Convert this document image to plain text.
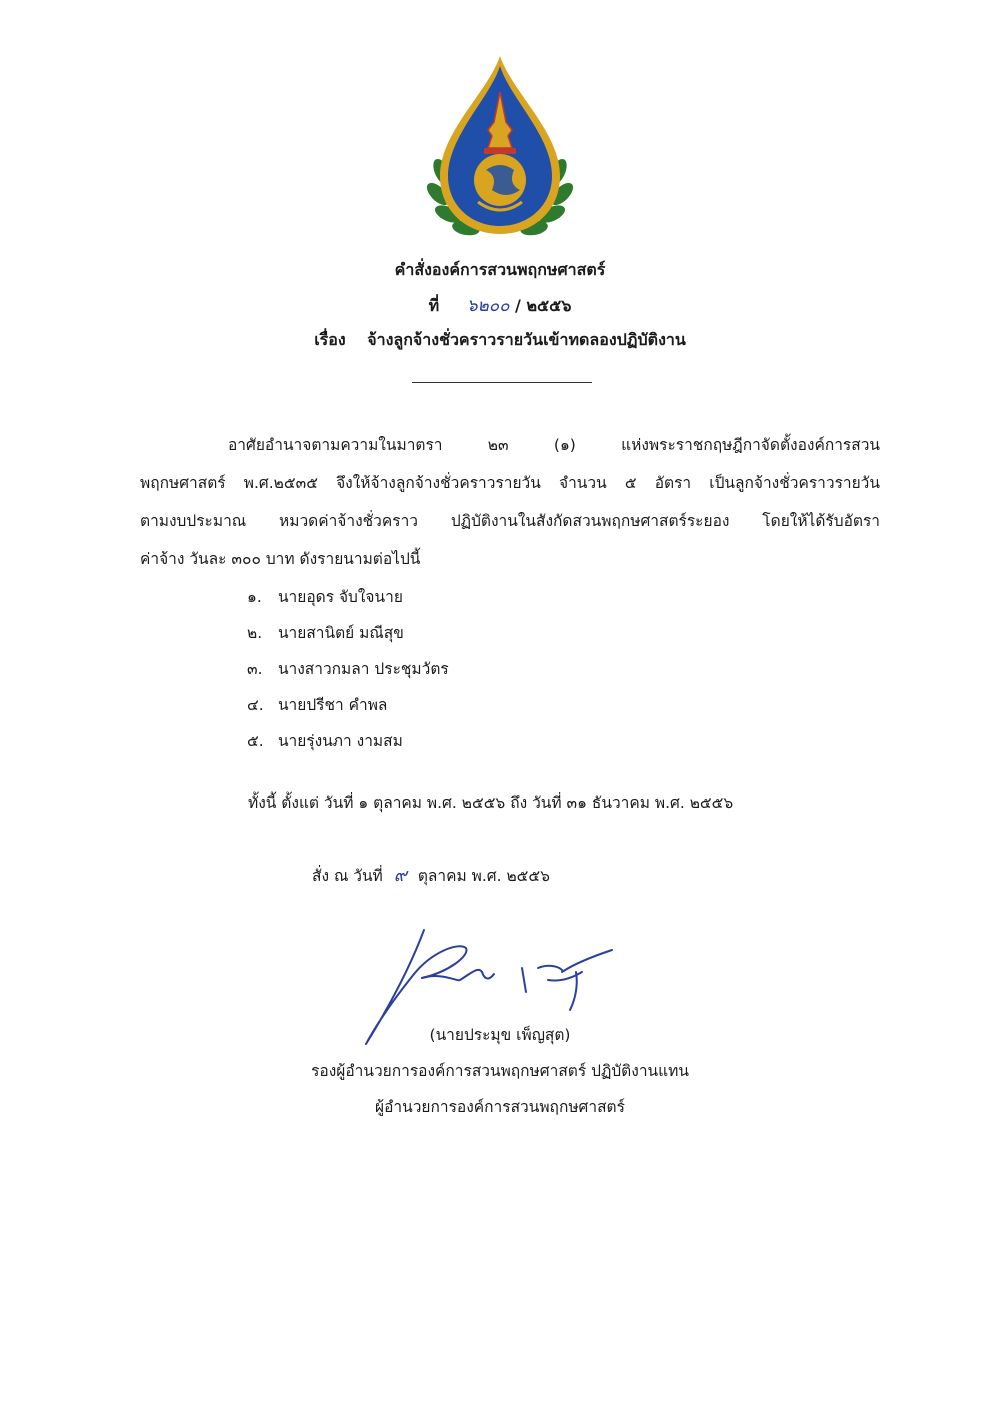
คำสั่งองค์การสวนพฤกษศาสตร์
ที่ ๖๒๐๐ / ๒๕๕๖
เรื่อง จ้างลูกจ้างชั่วคราวรายวันเข้าทดลองปฏิบัติงาน
อาศัยอำนาจตามความในมาตรา ๒๓ (๑) แห่งพระราชกฤษฎีกาจัดตั้งองค์การสวน
พฤกษศาสตร์ พ.ศ.๒๕๓๕ จึงให้จ้างลูกจ้างชั่วคราวรายวัน จำนวน ๕ อัตรา เป็นลูกจ้างชั่วคราวรายวัน
ตามงบประมาณ หมวดค่าจ้างชั่วคราว ปฏิบัติงานในสังกัดสวนพฤกษศาสตร์ระยอง โดยให้ได้รับอัตรา
ค่าจ้าง วันละ ๓๐๐ บาท ดังรายนามต่อไปนี้
๑. นายอุดร จับใจนาย
๒. นายสานิตย์ มณีสุข
๓. นางสาวกมลา ประชุมวัตร
๔. นายปรีชา คำพล
๕. นายรุ่งนภา งามสม
ทั้งนี้ ตั้งแต่ วันที่ ๑ ตุลาคม พ.ศ. ๒๕๕๖ ถึง วันที่ ๓๑ ธันวาคม พ.ศ. ๒๕๕๖
สั่ง ณ วันที่ ๙ ตุลาคม พ.ศ. ๒๕๕๖
(นายประมุข เพ็ญสุต)
รองผู้อำนวยการองค์การสวนพฤกษศาสตร์ ปฏิบัติงานแทน
ผู้อำนวยการองค์การสวนพฤกษศาสตร์
